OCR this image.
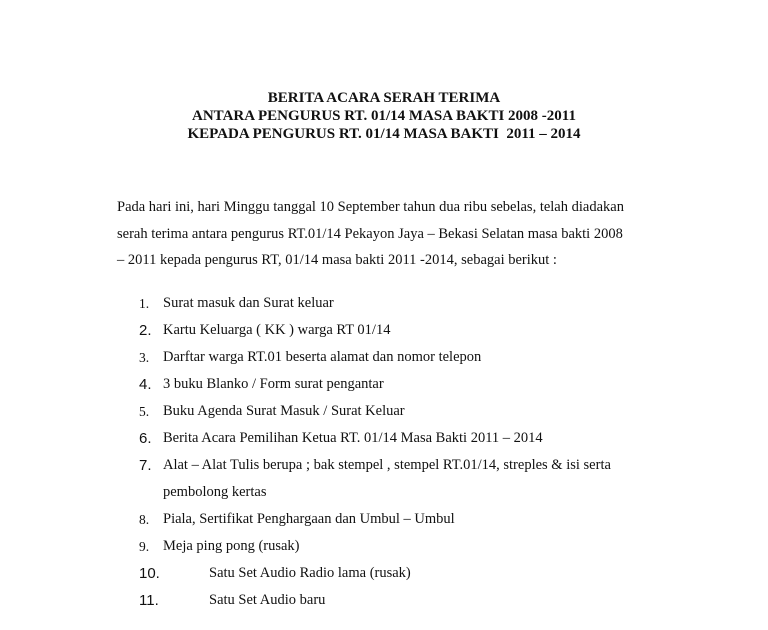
BERITA ACARA SERAH TERIMA
ANTARA PENGURUS RT. 01/14 MASA BAKTI 2008 -2011
KEPADA PENGURUS RT. 01/14 MASA BAKTI  2011 – 2014
Pada hari ini, hari Minggu tanggal 10 September tahun dua ribu sebelas, telah diadakan
serah terima antara pengurus RT.01/14 Pekayon Jaya – Bekasi Selatan masa bakti 2008
– 2011 kepada pengurus RT, 01/14 masa bakti 2011 -2014, sebagai berikut :
1. Surat masuk dan Surat keluar
2. Kartu Keluarga ( KK ) warga RT 01/14
3. Darftar warga RT.01 beserta alamat dan nomor telepon
4. 3 buku Blanko / Form surat pengantar
5. Buku Agenda Surat Masuk / Surat Keluar
6. Berita Acara Pemilihan Ketua RT. 01/14 Masa Bakti 2011 – 2014
7. Alat – Alat Tulis berupa ; bak stempel , stempel RT.01/14, streples & isi serta
pembolong kertas
8. Piala, Sertifikat Penghargaan dan Umbul – Umbul
9. Meja ping pong (rusak)
10.	Satu Set Audio Radio lama (rusak)
11.	Satu Set Audio baru
